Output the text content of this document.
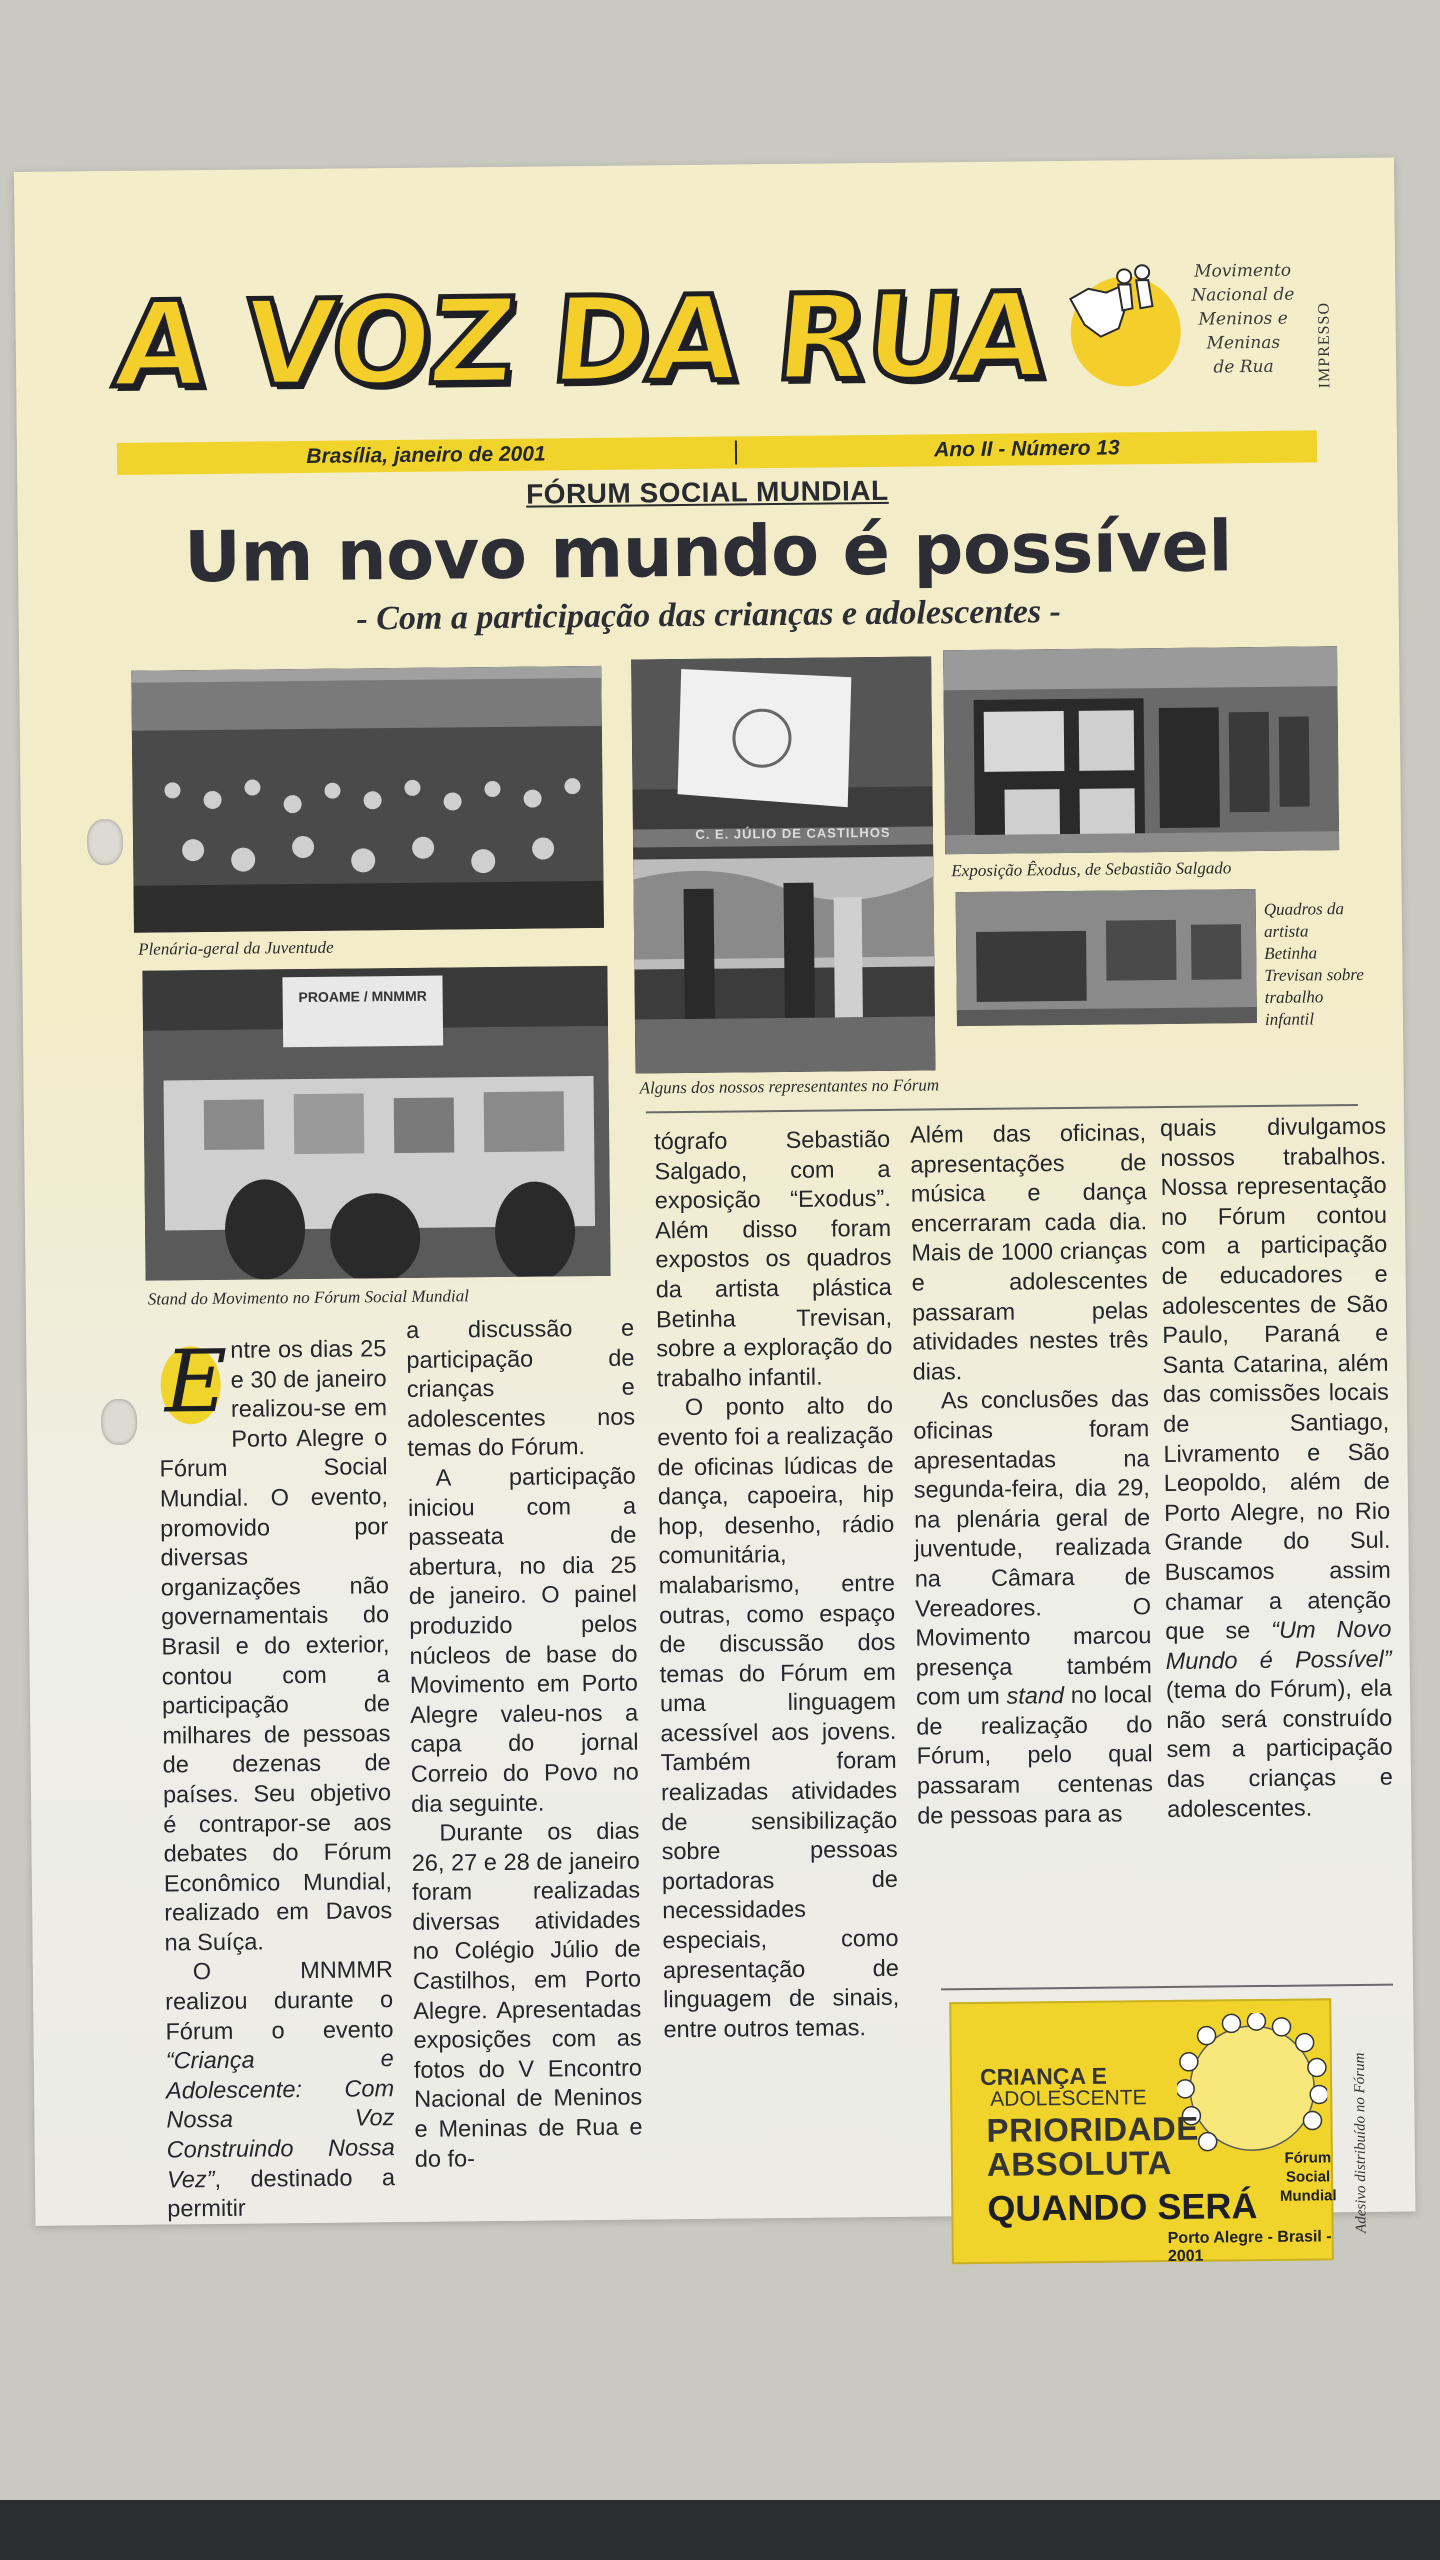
A VOZ DA RUA	Movimento
Nacional de
Meninos e
Meninas
de Rua	IMPRESSO
Brasília, janeiro de 2001	Ano II - Número 13
FÓRUM SOCIAL MUNDIAL
Um novo mundo é possível
- Com a participação das crianças e adolescentes -
Plenária-geral da Juventude
PROAME / MNMMR
Stand do Movimento no Fórum Social Mundial
C. E. JÚLIO DE CASTILHOS
Alguns dos nossos representantes no Fórum
Exposição Êxodus, de Sebastião Salgado
Quadros da artista Betinha Trevisan sobre trabalho infantil

E ntre os dias 25 e 30 de janeiro realizou-se em Porto Alegre o Fórum Social Mundial. O evento, promovido por diversas organizações não governamentais do Brasil e do exterior, contou com a participação de milhares de pessoas de dezenas de países. Seu objetivo é contrapor-se aos debates do Fórum Econômico Mundial, realizado em Davos na Suíça.

O MNMMR realizou durante o Fórum o evento “Criança e Adolescente: Com Nossa Voz Construindo Nossa Vez”, destinado a permitir

a discussão e participação de crianças e adolescentes nos temas do Fórum.

A participação iniciou com a passeata de abertura, no dia 25 de janeiro. O painel produzido pelos núcleos de base do Movimento em Porto Alegre valeu-nos a capa do jornal Correio do Povo no dia seguinte.

Durante os dias 26, 27 e 28 de janeiro foram realizadas diversas atividades no Colégio Júlio de Castilhos, em Porto Alegre. Apresentadas exposições com as fotos do V Encontro Nacional de Meninos e Meninas de Rua e do fo-

tógrafo Sebastião Salgado, com a exposição “Exodus”. Além disso foram expostos os quadros da artista plástica Betinha Trevisan, sobre a exploração do trabalho infantil.

O ponto alto do evento foi a realização de oficinas lúdicas de dança, capoeira, hip hop, desenho, rádio comunitária, malabarismo, entre outras, como espaço de discussão dos temas do Fórum em uma linguagem acessível aos jovens. Também foram realizadas atividades de sensibilização sobre pessoas portadoras de necessidades especiais, como apresentação de linguagem de sinais, entre outros temas.

Além das oficinas, apresentações de música e dança encerraram cada dia. Mais de 1000 crianças e adolescentes passaram pelas atividades nestes três dias.

As conclusões das oficinas foram apresentadas na segunda-feira, dia 29, na plenária geral de juventude, realizada na Câmara de Vereadores. O Movimento marcou presença também com um stand no local de realização do Fórum, pelo qual passaram centenas de pessoas para as

quais divulgamos nossos trabalhos. Nossa representação no Fórum contou com a participação de educadores e adolescentes de São Paulo, Paraná e Santa Catarina, além das comissões locais de Santiago, Livramento e São Leopoldo, além de Porto Alegre, no Rio Grande do Sul. Buscamos assim chamar a atenção que se “Um Novo Mundo é Possível” (tema do Fórum), ela não será construído sem a participação das crianças e adolescentes.

CRIANÇA E
ADOLESCENTE
PRIORIDADE
ABSOLUTA
QUANDO SERÁ
Fórum
Social
Mundial
Porto Alegre - Brasil - 2001
Adesivo distribuído no Fórum
